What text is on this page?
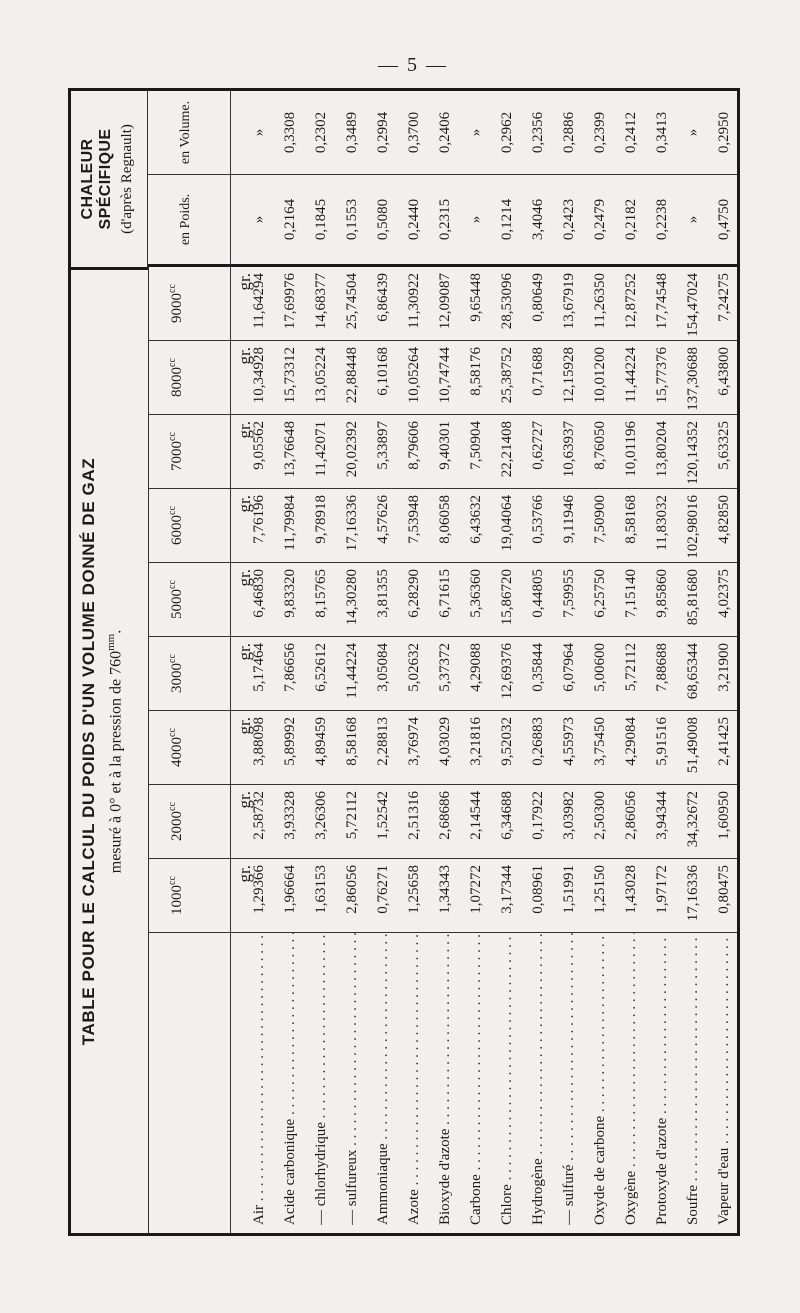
— 5 —
TABLE POUR LE CALCUL DU POIDS D'UN VOLUME DONNÉ DE GAZ mesuré à 0° et à la pression de $760^{mm}$.
CHALEUR SPÉCIFIQUE (d'après Regnault)
$1000^{cc}$
$2000^{cc}$
$4000^{cc}$
$3000^{cc}$
$5000^{cc}$
$6000^{cc}$
$7000^{cc}$
$8000^{cc}$
$9000^{cc}$
en Poids.
en Volume.
Air . . . Acide carbonique . . . — chlorhydrique . . . — sulfureux . . . Ammoniaque . . . Azote . . . Bioxyde d'azote . . . Carbone . . . Chlore . . . Hydrogène . . . — sulfuré . . . Oxyde de carbone . . . Oxygène . . . Protoxyde d'azote . . . Soufre . . . Vapeur d'eau . . .
gr.
1,29366 1,96664 1,63153 2,86056 0,76271 1,25658 1,34343 1,07272 3,17344 0,08961 1,51991 1,25150 1,43028 1,97172 17,16336 0,80475
gr.
2,58732 3,93328 3,26306 5,72112 1,52542 2,51316 2,68686 2,14544 6,34688 0,17922 3,03982 2,50300 2,86056 3,94344 34,32672 1,60950
gr.
3,88098 5,89992 4,89459 8,58168 2,28813 3,76974 4,03029 3,21816 9,52032 0,26883 4,55973 3,75450 4,29084 5,91516 51,49008 2,41425
gr.
5,17464 7,86656 6,52612 11,44224 3,05084 5,02632 5,37372 4,29088 12,69376 0,35844 6,07964 5,00600 5,72112 7,88688 68,65344 3,21900
gr.
6,46830 9,83320 8,15765 14,30280 3,81355 6,28290 6,71615 5,36360 15,86720 0,44805 7,59955 6,25750 7,15140 9,85860 85,81680 4,02375
gr.
7,76196 11,79984 9,78918 17,16336 4,57626 7,53948 8,06058 6,43632 19,04064 0,53766 9,11946 7,50900 8,58168 11,83032 102,98016 4,82850
gr.
9,05562 13,76648 11,42071 20,02392 5,33897 8,79606 9,40301 7,50904 22,21408 0,62727 10,63937 8,76050 10,01196 13,80204 120,14352 5,63325
gr.
10,34928 15,73312 13,05224 22,88448 6,10168 10,05264 10,74744 8,58176 25,38752 0,71688 12,15928 10,01200 11,44224 15,77376 137,30688 6,43800
gr.
11,64294 17,69976 14,68377 25,74504 6,86439 11,30922 12,09087 9,65448 28,53096 0,80649 13,67919 11,26350 12,87252 17,74548 154,47024 7,24275
» 0,2164 0,1845 0,1553 0,5080 0,2440 0,2315 » 0,1214 3,4046 0,2423 0,2479 0,2182 0,2238 » 0,4750
» 0,3308 0,2302 0,3489 0,2994 0,3700 0,2406 » 0,2962 0,2356 0,2886 0,2399 0,2412 0,3413 » 0,2950
